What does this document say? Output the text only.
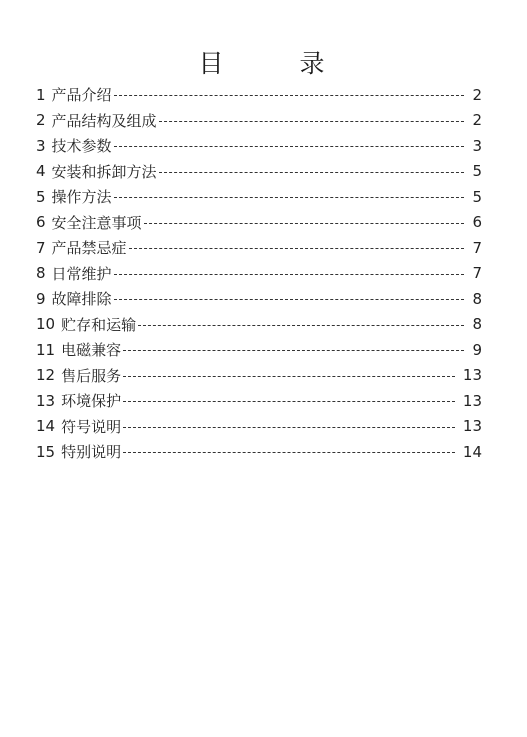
目 录
1 产品介绍	2
2 产品结构及组成	2
3 技术参数	3
4 安装和拆卸方法	5
5 操作方法	5
6 安全注意事项	6
7 产品禁忌症	7
8 日常维护	7
9 故障排除	8
10 贮存和运输	8
11 电磁兼容	9
12 售后服务	13
13 环境保护	13
14 符号说明	13
15 特别说明	14
